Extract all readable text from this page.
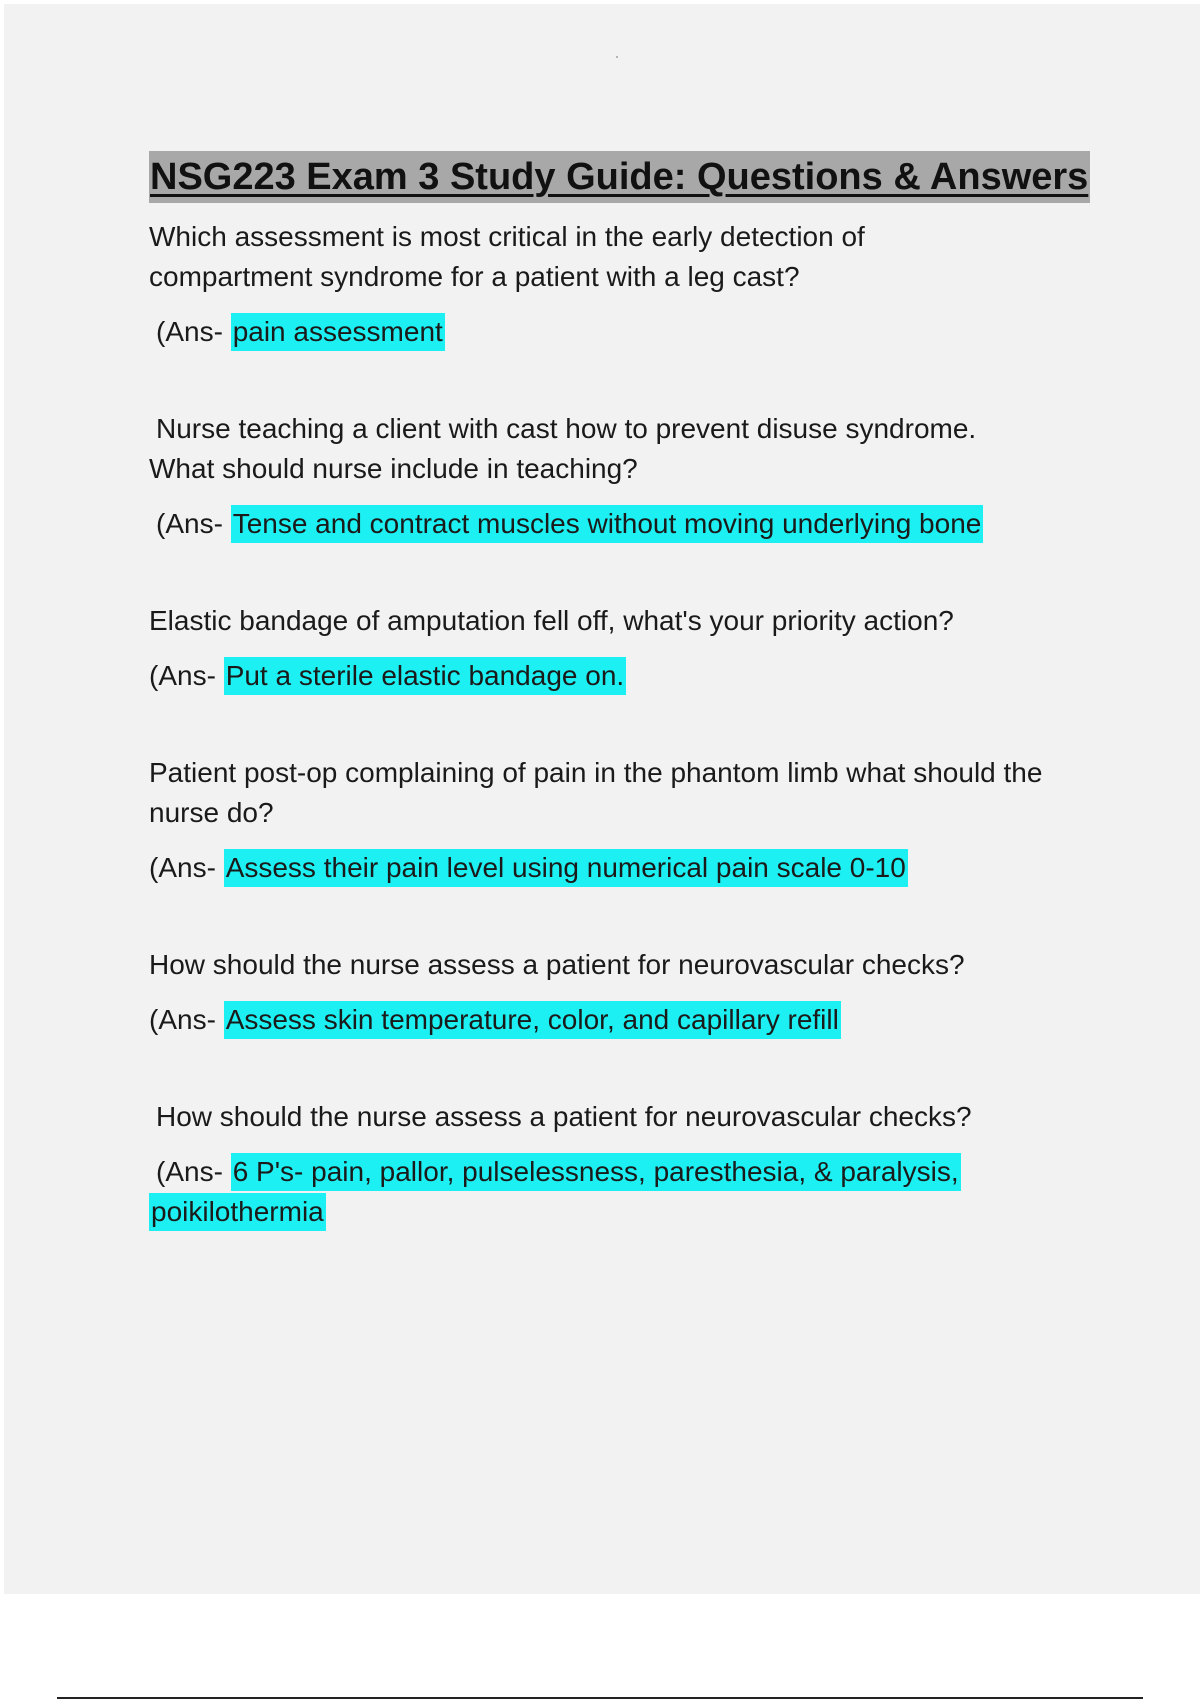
NSG223 Exam 3 Study Guide: Questions & Answers

Which assessment is most critical in the early detection of compartment syndrome for a patient with a leg cast?

(Ans- pain assessment

Nurse teaching a client with cast how to prevent disuse syndrome. What should nurse include in teaching?

(Ans- Tense and contract muscles without moving underlying bone

Elastic bandage of amputation fell off, what's your priority action?

(Ans- Put a sterile elastic bandage on.

Patient post-op complaining of pain in the phantom limb what should the nurse do?

(Ans- Assess their pain level using numerical pain scale 0-10

How should the nurse assess a patient for neurovascular checks?

(Ans- Assess skin temperature, color, and capillary refill

How should the nurse assess a patient for neurovascular checks?

(Ans- 6 P's- pain, pallor, pulselessness, paresthesia, & paralysis, poikilothermia
